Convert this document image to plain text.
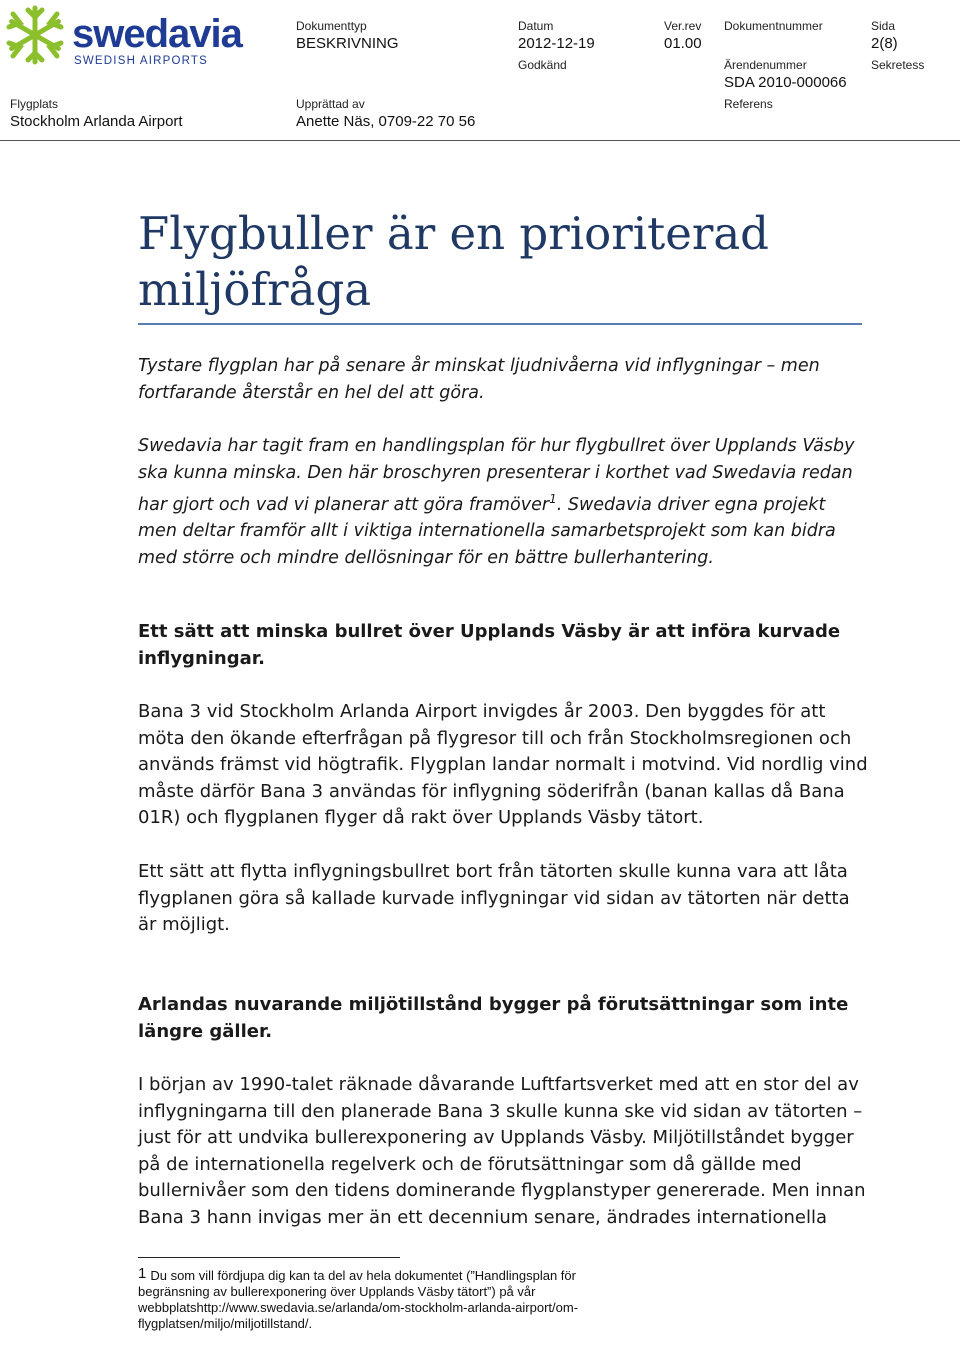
swedavia
SWEDISH AIRPORTS
Dokumenttyp
BESKRIVNING
Datum
2012-12-19
Ver.rev
01.00
Dokumentnummer	Sida
2(8)
Godkänd	Ärendenummer
SDA 2010-000066
Sekretess
Flygplats
Stockholm Arlanda Airport
Upprättad av
Anette Näs, 0709-22 70 56
Referens
Flygbuller är en prioriterad miljöfråga
Tystare flygplan har på senare år minskat ljudnivåerna vid inflygningar – men fortfarande återstår en hel del att göra.
Swedavia har tagit fram en handlingsplan för hur flygbullret över Upplands Väsby ska kunna minska. Den här broschyren presenterar i korthet vad Swedavia redan har gjort och vad vi planerar att göra framöver$^1$. Swedavia driver egna projekt men deltar framför allt i viktiga internationella samarbetsprojekt som kan bidra med större och mindre dellösningar för en bättre bullerhantering.
Ett sätt att minska bullret över Upplands Väsby är att införa kurvade inflygningar.
Bana 3 vid Stockholm Arlanda Airport invigdes år 2003. Den byggdes för att möta den ökande efterfrågan på flygresor till och från Stockholmsregionen och används främst vid högtrafik. Flygplan landar normalt i motvind. Vid nordlig vind måste därför Bana 3 användas för inflygning söderifrån (banan kallas då Bana 01R) och flygplanen flyger då rakt över Upplands Väsby tätort.
Ett sätt att flytta inflygningsbullret bort från tätorten skulle kunna vara att låta flygplanen göra så kallade kurvade inflygningar vid sidan av tätorten när detta är möjligt.
Arlandas nuvarande miljötillstånd bygger på förutsättningar som inte längre gäller.
I början av 1990-talet räknade dåvarande Luftfartsverket med att en stor del av inflygningarna till den planerade Bana 3 skulle kunna ske vid sidan av tätorten – just för att undvika bullerexponering av Upplands Väsby. Miljötillståndet bygger på de internationella regelverk och de förutsättningar som då gällde med bullernivåer som den tidens dominerande flygplanstyper genererade. Men innan Bana 3 hann invigas mer än ett decennium senare, ändrades internationella
1 Du som vill fördjupa dig kan ta del av hela dokumentet (”Handlingsplan för begränsning av bullerexponering över Upplands Väsby tätort”) på vår webbplatshttp://www.swedavia.se/arlanda/om-stockholm-arlanda-airport/om-flygplatsen/miljo/miljotillstand/.
